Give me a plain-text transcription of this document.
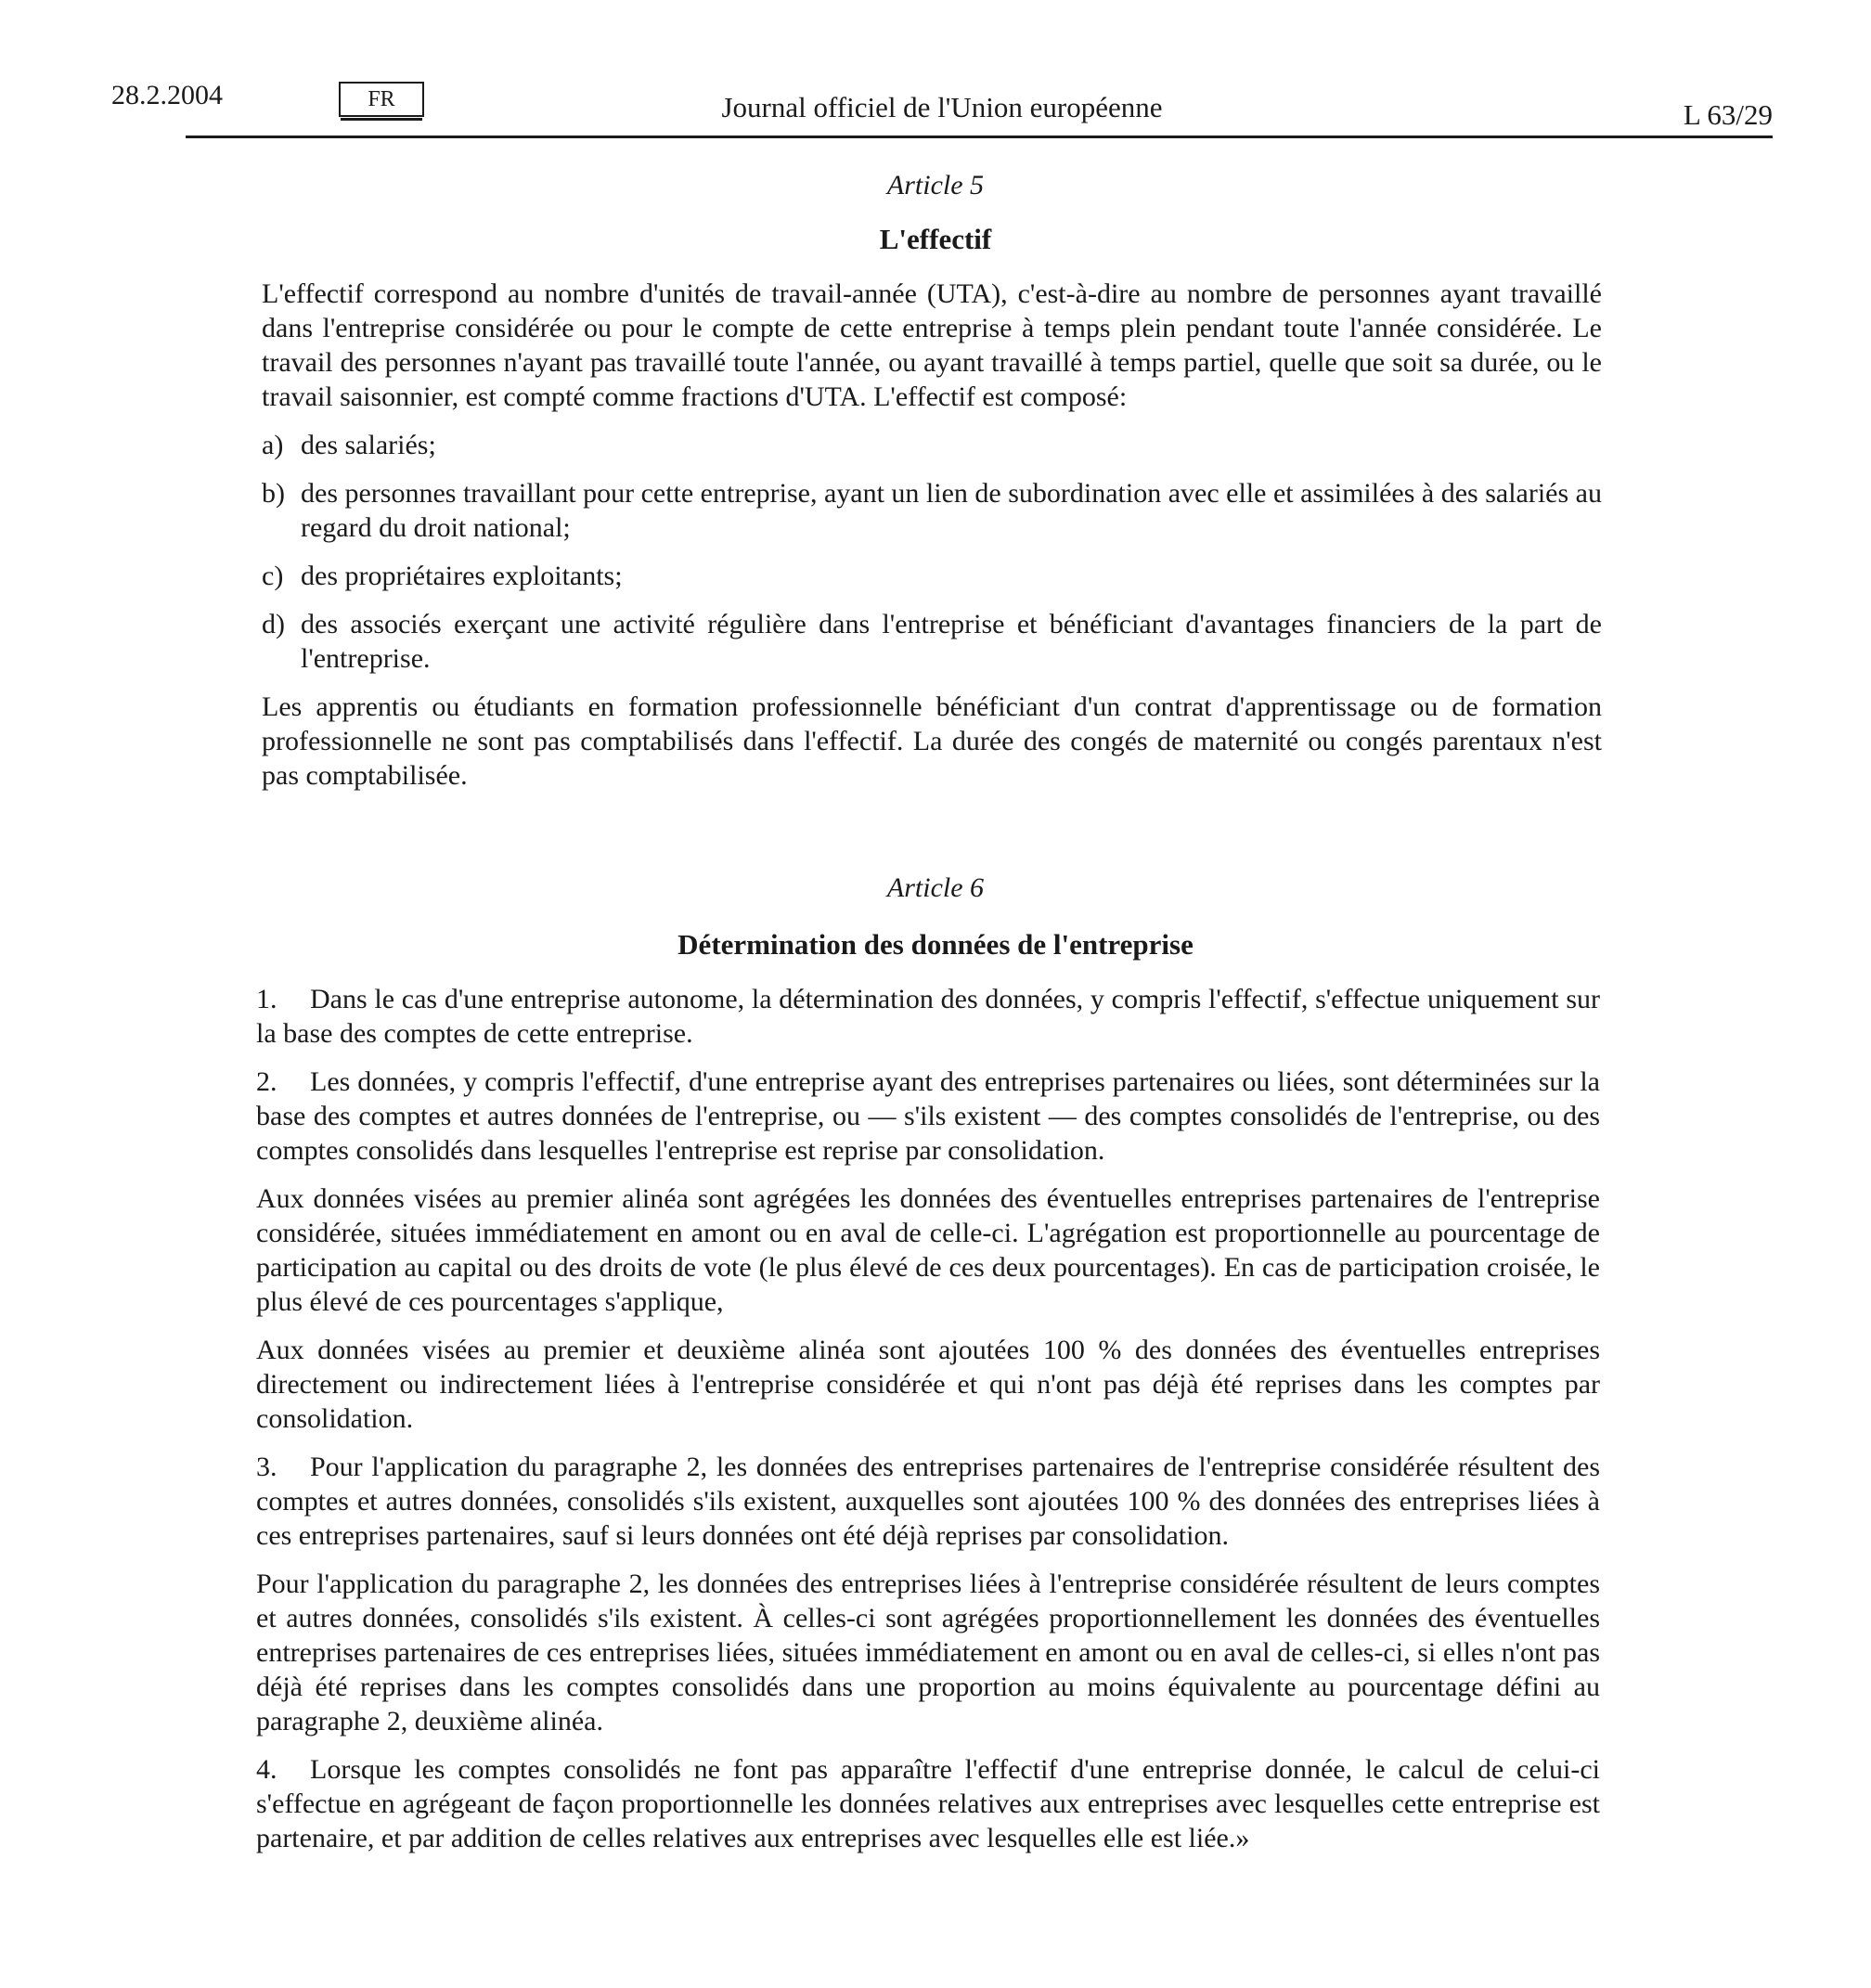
28.2.2004	FR	Journal officiel de l'Union européenne	L 63/29
Article 5
L'effectif

L'effectif correspond au nombre d'unités de travail-année (UTA), c'est-à-dire au nombre de personnes ayant travaillé dans l'entreprise considérée ou pour le compte de cette entreprise à temps plein pendant toute l'année considérée. Le travail des personnes n'ayant pas travaillé toute l'année, ou ayant travaillé à temps partiel, quelle que soit sa durée, ou le travail saisonnier, est compté comme fractions d'UTA. L'effectif est composé:

a) des salariés;
b) des personnes travaillant pour cette entreprise, ayant un lien de subordination avec elle et assimilées à des salariés au regard du droit national;
c) des propriétaires exploitants;
d) des associés exerçant une activité régulière dans l'entreprise et bénéficiant d'avantages financiers de la part de l'entreprise.

Les apprentis ou étudiants en formation professionnelle bénéficiant d'un contrat d'apprentissage ou de formation professionnelle ne sont pas comptabilisés dans l'effectif. La durée des congés de maternité ou congés parentaux n'est pas comptabilisée.

Article 6
Détermination des données de l'entreprise

1. Dans le cas d'une entreprise autonome, la détermination des données, y compris l'effectif, s'effectue uniquement sur la base des comptes de cette entreprise.

2. Les données, y compris l'effectif, d'une entreprise ayant des entreprises partenaires ou liées, sont déterminées sur la base des comptes et autres données de l'entreprise, ou — s'ils existent — des comptes consolidés de l'entreprise, ou des comptes consolidés dans lesquelles l'entreprise est reprise par consolidation.

Aux données visées au premier alinéa sont agrégées les données des éventuelles entreprises partenaires de l'entreprise considérée, situées immédiatement en amont ou en aval de celle-ci. L'agrégation est proportionnelle au pourcentage de participation au capital ou des droits de vote (le plus élevé de ces deux pourcentages). En cas de participation croisée, le plus élevé de ces pourcentages s'applique,

Aux données visées au premier et deuxième alinéa sont ajoutées 100 % des données des éventuelles entreprises directement ou indirectement liées à l'entreprise considérée et qui n'ont pas déjà été reprises dans les comptes par consolidation.

3. Pour l'application du paragraphe 2, les données des entreprises partenaires de l'entreprise considérée résultent des comptes et autres données, consolidés s'ils existent, auxquelles sont ajoutées 100 % des données des entreprises liées à ces entreprises partenaires, sauf si leurs données ont été déjà reprises par consolidation.

Pour l'application du paragraphe 2, les données des entreprises liées à l'entreprise considérée résultent de leurs comptes et autres données, consolidés s'ils existent. À celles-ci sont agrégées proportionnellement les données des éventuelles entreprises partenaires de ces entreprises liées, situées immédiatement en amont ou en aval de celles-ci, si elles n'ont pas déjà été reprises dans les comptes consolidés dans une proportion au moins équivalente au pourcentage défini au paragraphe 2, deuxième alinéa.

4. Lorsque les comptes consolidés ne font pas apparaître l'effectif d'une entreprise donnée, le calcul de celui-ci s'effectue en agrégeant de façon proportionnelle les données relatives aux entreprises avec lesquelles cette entreprise est partenaire, et par addition de celles relatives aux entreprises avec lesquelles elle est liée.»
